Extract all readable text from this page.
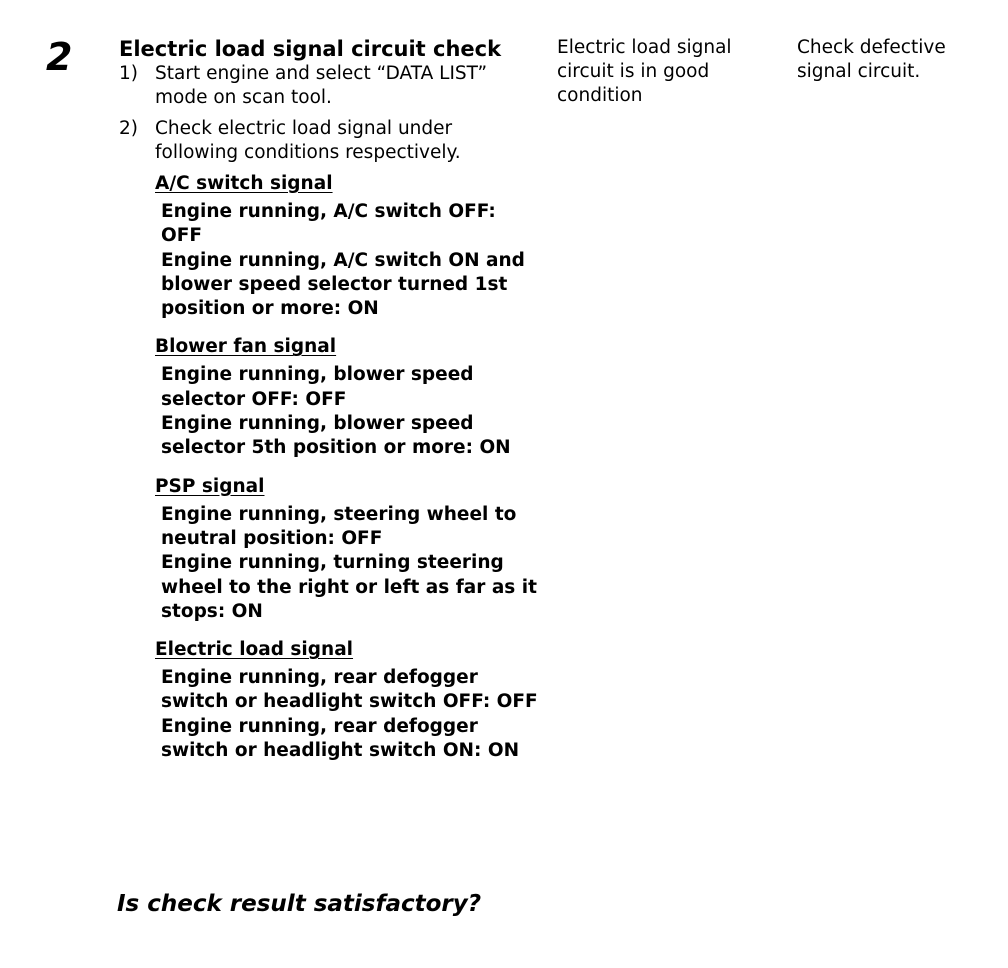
2 Electric load signal circuit check
1) Start engine and select “DATA LIST” mode on scan tool.
2) Check electric load signal under following conditions respectively.
A/C switch signal
Engine running, A/C switch OFF: OFF
Engine running, A/C switch ON and blower speed selector turned 1st position or more: ON
Blower fan signal
Engine running, blower speed selector OFF: OFF
Engine running, blower speed selector 5th position or more: ON
PSP signal
Engine running, steering wheel to neutral position: OFF
Engine running, turning steering wheel to the right or left as far as it stops: ON
Electric load signal
Engine running, rear defogger switch or headlight switch OFF: OFF
Engine running, rear defogger switch or headlight switch ON: ON
Is check result satisfactory?
Electric load signal circuit is in good condition
Check defective signal circuit.
